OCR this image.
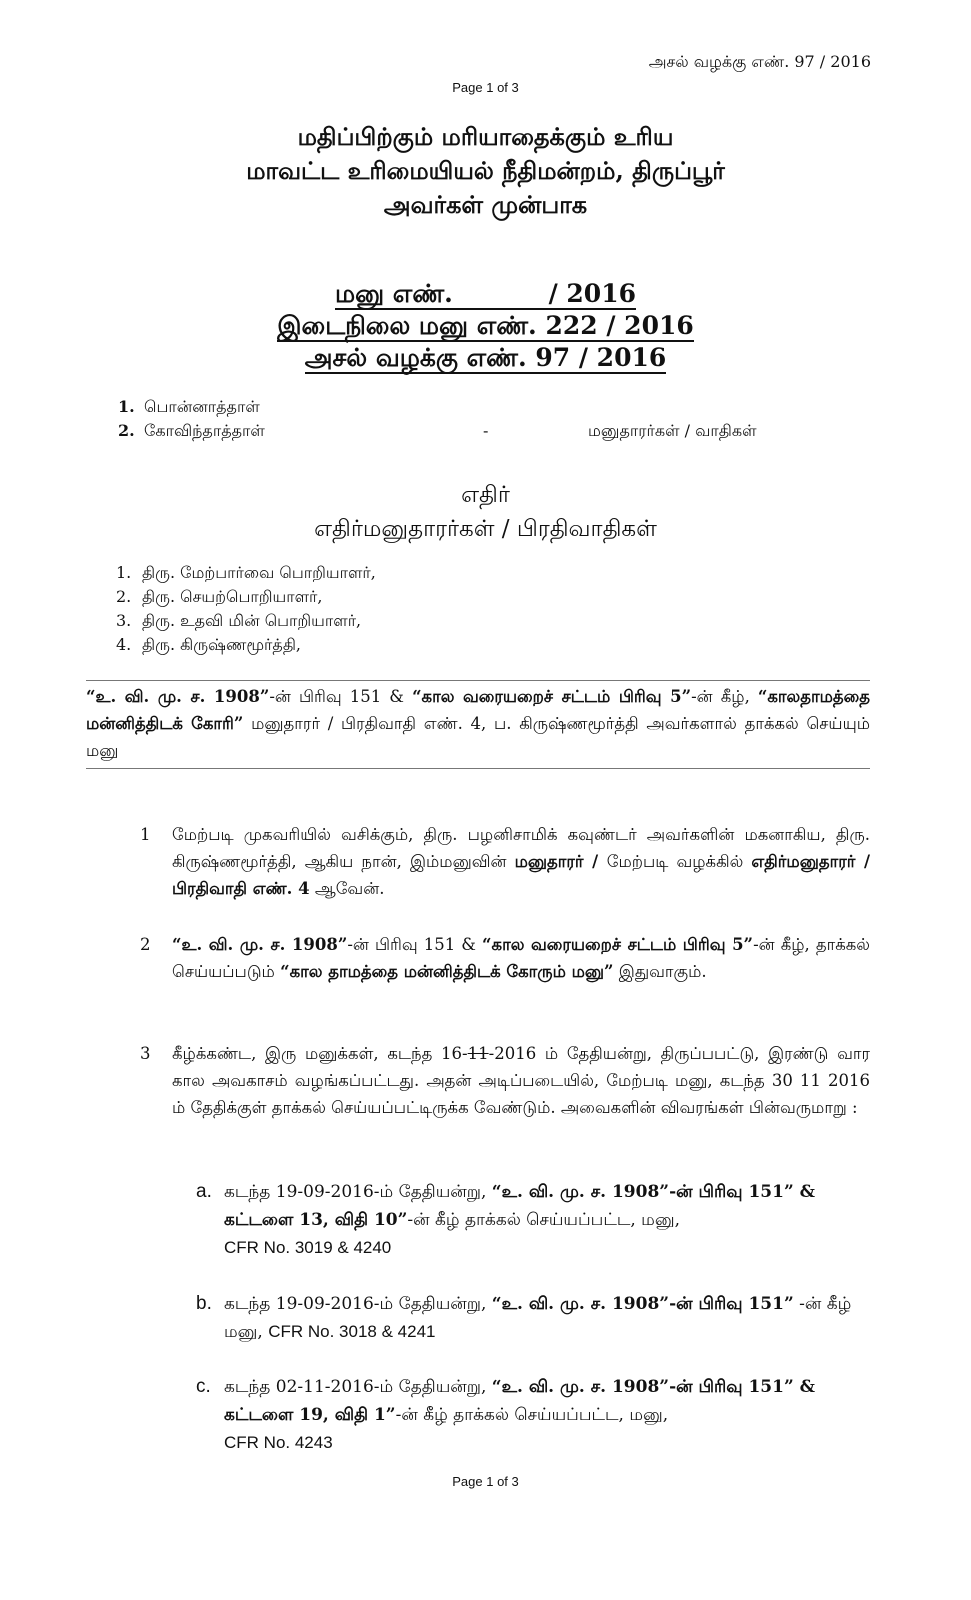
அசல் வழக்கு எண். 97 / 2016
Page 1 of 3
மதிப்பிற்கும் மரியாதைக்கும் உரிய
மாவட்ட உரிமையியல் நீதிமன்றம், திருப்பூர்
அவர்கள் முன்பாக
மனு எண்.           / 2016
இடைநிலை மனு எண். 222 / 2016
அசல் வழக்கு எண். 97 / 2016
1. பொன்னாத்தாள்
2. கோவிந்தாத்தாள்	-	மனுதாரர்கள் / வாதிகள்
எதிர்
எதிர்மனுதாரர்கள் / பிரதிவாதிகள்
1. திரு. மேற்பார்வை பொறியாளர்,
2. திரு. செயற்பொறியாளர்,
3. திரு. உதவி மின் பொறியாளர்,
4. திரு. கிருஷ்ணமூர்த்தி,
“உ. வி. மு. ச. 1908”-ன் பிரிவு 151 & “கால வரையறைச் சட்டம் பிரிவு 5”-ன் கீழ், “காலதாமத்தை மன்னித்திடக் கோரி” மனுதாரர் / பிரதிவாதி எண். 4, ப. கிருஷ்ணமூர்த்தி அவர்களால் தாக்கல் செய்யும் மனு
1 மேற்படி முகவரியில் வசிக்கும், திரு. பழனிசாமிக் கவுண்டர் அவர்களின் மகனாகிய, திரு. கிருஷ்ணமூர்த்தி, ஆகிய நான், இம்மனுவின் மனுதாரர் / மேற்படி வழக்கில் எதிர்மனுதாரர் / பிரதிவாதி எண். 4 ஆவேன்.
2 “உ. வி. மு. ச. 1908”-ன் பிரிவு 151 & “கால வரையறைச் சட்டம் பிரிவு 5”-ன் கீழ், தாக்கல் செய்யப்படும் “கால தாமத்தை மன்னித்திடக் கோரும் மனு” இதுவாகும்.
3 கீழ்க்கண்ட, இரு மனுக்கள், கடந்த 16-11-2016 ம் தேதியன்று, திருப்பபட்டு, இரண்டு வார கால அவகாசம் வழங்கப்பட்டது. அதன் அடிப்படையில், மேற்படி மனு, கடந்த 30 11 2016 ம் தேதிக்குள் தாக்கல் செய்யப்பட்டிருக்க வேண்டும். அவைகளின் விவரங்கள் பின்வருமாறு :
a. கடந்த 19-09-2016-ம் தேதியன்று, “உ. வி. மு. ச. 1908”-ன் பிரிவு 151” & கட்டளை 13, விதி 10”-ன் கீழ் தாக்கல் செய்யப்பட்ட, மனு,
CFR No. 3019 & 4240
b. கடந்த 19-09-2016-ம் தேதியன்று, “உ. வி. மு. ச. 1908”-ன் பிரிவு 151” -ன் கீழ் மனு, CFR No. 3018 & 4241
c. கடந்த 02-11-2016-ம் தேதியன்று, “உ. வி. மு. ச. 1908”-ன் பிரிவு 151” & கட்டளை 19, விதி 1”-ன் கீழ் தாக்கல் செய்யப்பட்ட, மனு,
CFR No. 4243
Page 1 of 3
